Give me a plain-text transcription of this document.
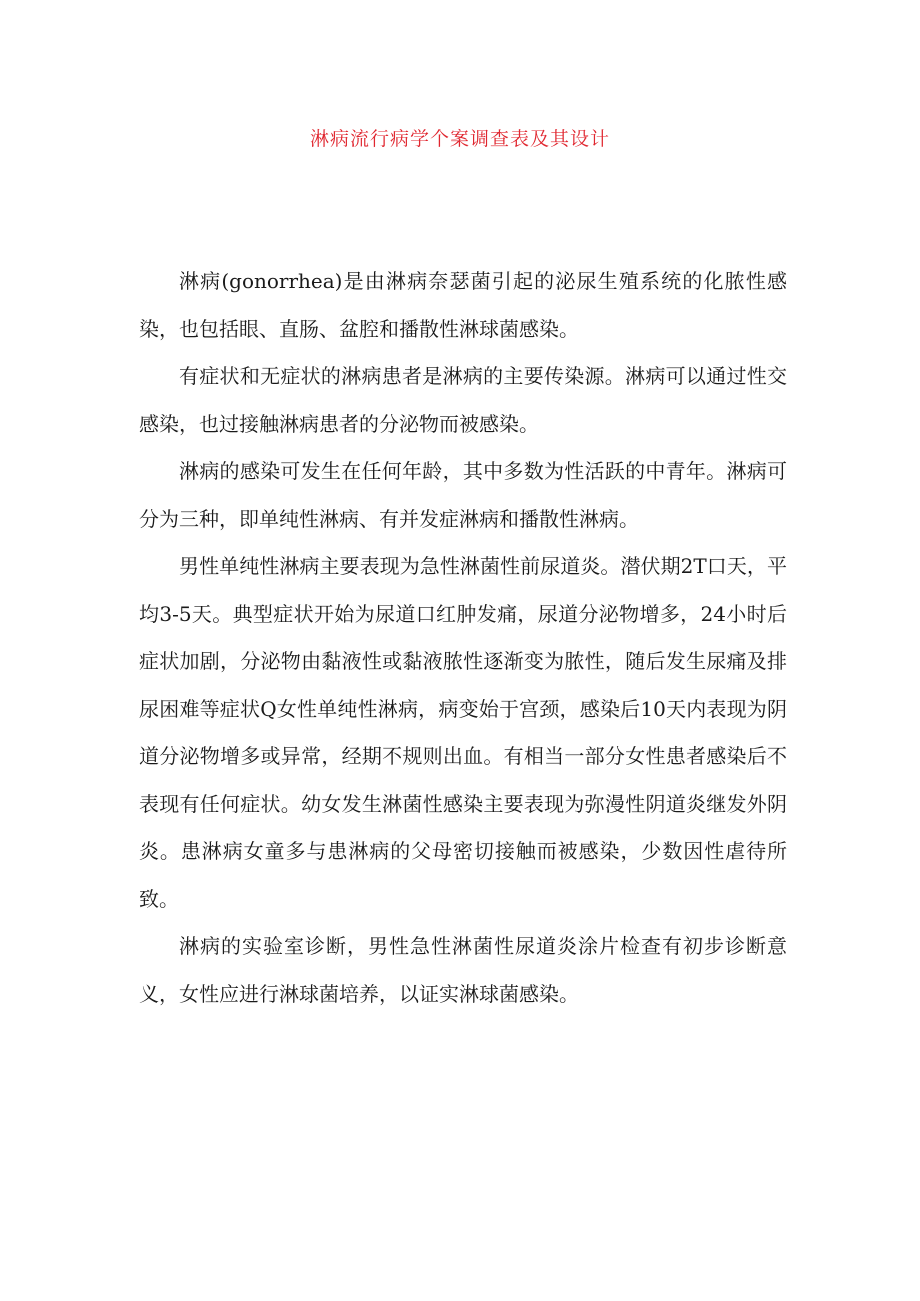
淋病流行病学个案调查表及其设计

淋病(gonorrhea)是由淋病奈瑟菌引起的泌尿生殖系统的化脓性感染，也包括眼、直肠、盆腔和播散性淋球菌感染。

有症状和无症状的淋病患者是淋病的主要传染源。淋病可以通过性交感染，也过接触淋病患者的分泌物而被感染。

淋病的感染可发生在任何年龄，其中多数为性活跃的中青年。淋病可分为三种，即单纯性淋病、有并发症淋病和播散性淋病。

男性单纯性淋病主要表现为急性淋菌性前尿道炎。潜伏期2T口天，平均3-5天。典型症状开始为尿道口红肿发痛，尿道分泌物增多，24小时后症状加剧，分泌物由黏液性或黏液脓性逐渐变为脓性，随后发生尿痛及排尿困难等症状Q女性单纯性淋病，病变始于宫颈，感染后10天内表现为阴道分泌物增多或异常，经期不规则出血。有相当一部分女性患者感染后不表现有任何症状。幼女发生淋菌性感染主要表现为弥漫性阴道炎继发外阴炎。患淋病女童多与患淋病的父母密切接触而被感染，少数因性虐待所致。

淋病的实验室诊断，男性急性淋菌性尿道炎涂片检查有初步诊断意义，女性应进行淋球菌培养，以证实淋球菌感染。
